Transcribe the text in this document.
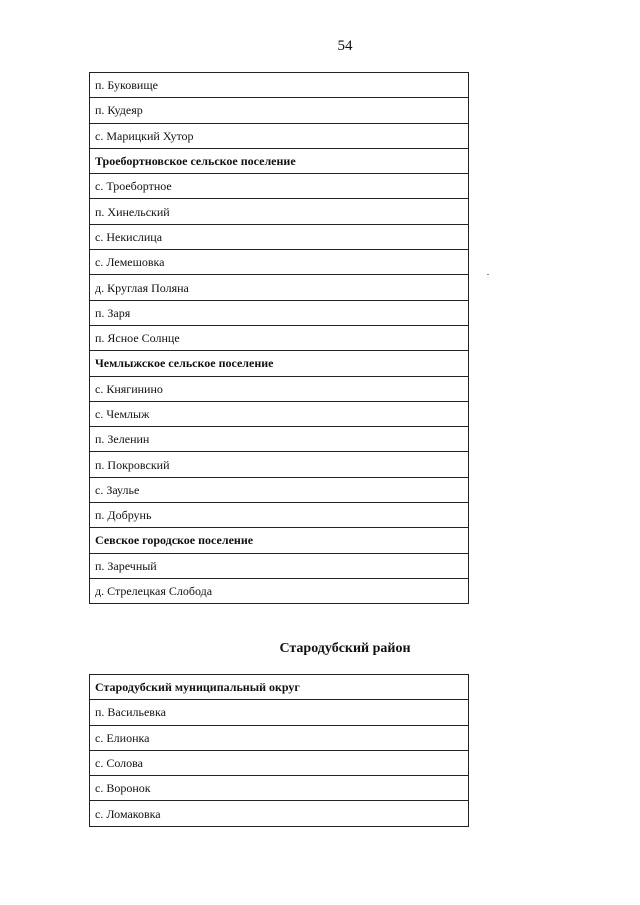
54
п. Буковище
п. Кудеяр
с. Марицкий Хутор
Троебортновское сельское поселение
с. Троебортное
п. Хинельский
с. Некислица
с. Лемешовка
д. Круглая Поляна
п. Заря
п. Ясное Солнце
Чемлыжское сельское поселение
с. Княгинино
с. Чемлыж
п. Зеленин
п. Покровский
с. Заулье
п. Добрунь
Севское городское поселение
п. Заречный
д. Стрелецкая Слобода
Стародубский район
Стародубский муниципальный округ
п. Васильевка
с. Елионка
с. Солова
с. Воронок
с. Ломаковка
